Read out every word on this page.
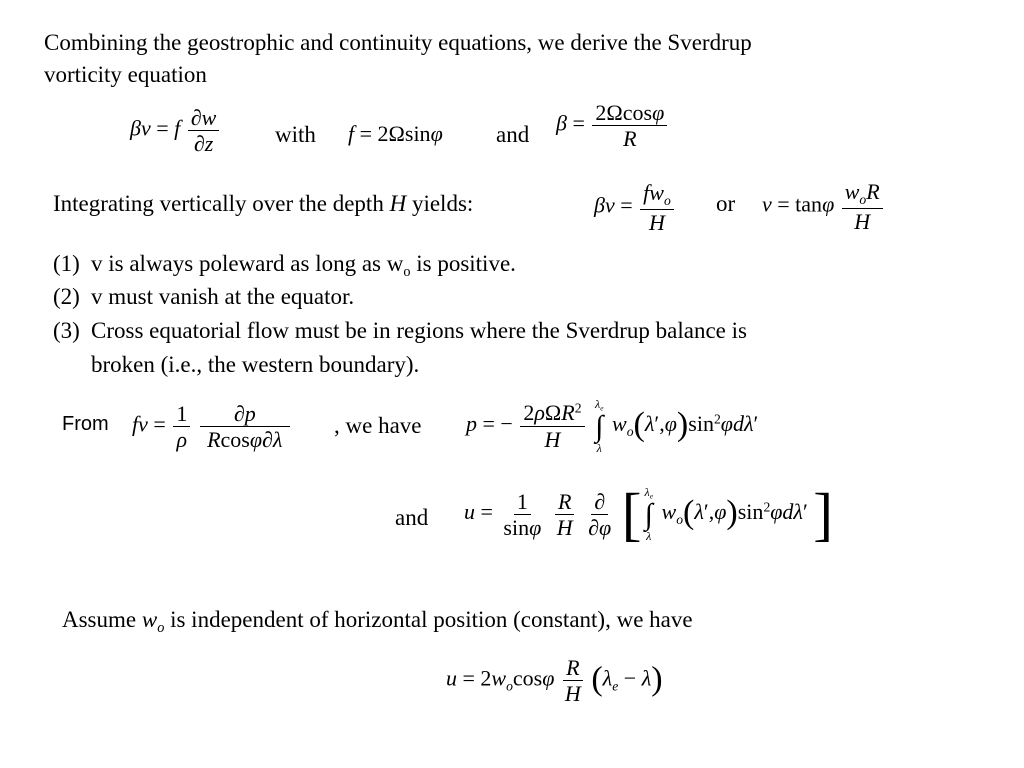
Combining the geostrophic and continuity equations, we derive the Sverdrup
vorticity equation
βv = f $\frac{\partial w}{\partial z}$ with f = 2Ωsinφ and $\beta = \frac{2\Omega\cos\varphi}{R}$
Integrating vertically over the depth H yields:	$\beta v = \frac{fw_o}{H}$ or v = tanφ $\frac{w_oR}{H}$
(1) v is always poleward as long as $w_o$ is positive.
(2) v must vanish at the equator.
(3) Cross equatorial flow must be in regions where the Sverdrup balance is
broken (i.e., the western boundary).
From fv = $\frac{1}{\rho}$
$\frac{\partial p}{Rcos\varphi\partial\lambda}$ , we have p = − $\frac{2\rho\Omega R^2}{H}$
$\lambda_e$
∫
λ
$w_o(\lambda',\varphi)\sin^2\varphi d\lambda'$
and $u = \frac{1}{\sin\varphi}$
$\frac{R}{H}$
$\frac{\partial}{\partial\varphi}$ [ $\lambda_e$
∫
λ
$w_o(\lambda',\varphi)\sin^2\varphi d\lambda'$ ]
Assume $w_o$ is independent of horizontal position (constant), we have
$u = 2w_o\cos\varphi \frac{R}{H} (\lambda_e - \lambda)$
